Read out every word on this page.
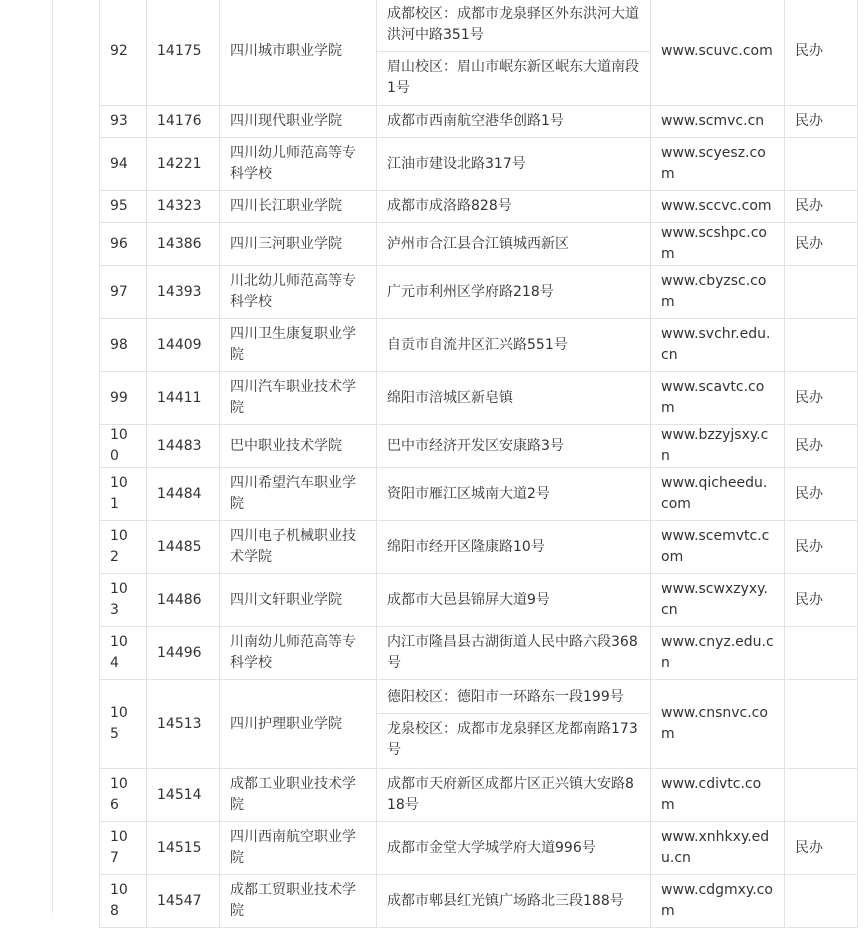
92	14175	四川城市职业学院	成都校区：成都市龙泉驿区外东洪河大道洪河中路351号
眉山校区：眉山市岷东新区岷东大道南段1号	www.scuvc.com	民办
93	14176	四川现代职业学院	成都市西南航空港华创路1号	www.scmvc.cn	民办
94	14221	四川幼儿师范高等专科学校	江油市建设北路317号	www.scyesz.com	
95	14323	四川长江职业学院	成都市成洛路828号	www.sccvc.com	民办
96	14386	四川三河职业学院	泸州市合江县合江镇城西新区	www.scshpc.com	民办
97	14393	川北幼儿师范高等专科学校	广元市利州区学府路218号	www.cbyzsc.com	
98	14409	四川卫生康复职业学院	自贡市自流井区汇兴路551号	www.svchr.edu.cn	
99	14411	四川汽车职业技术学院	绵阳市涪城区新皂镇	www.scavtc.com	民办
100	14483	巴中职业技术学院	巴中市经济开发区安康路3号	www.bzzyjsxy.cn	民办
101	14484	四川希望汽车职业学院	资阳市雁江区城南大道2号	www.qicheedu.com	民办
102	14485	四川电子机械职业技术学院	绵阳市经开区隆康路10号	www.scemvtc.com	民办
103	14486	四川文轩职业学院	成都市大邑县锦屏大道9号	www.scwxzyxy.cn	民办
104	14496	川南幼儿师范高等专科学校	内江市隆昌县古湖街道人民中路六段368号	www.cnyz.edu.cn	
105	14513	四川护理职业学院	德阳校区：德阳市一环路东一段199号
龙泉校区：成都市龙泉驿区龙都南路173号	www.cnsnvc.com	
106	14514	成都工业职业技术学院	成都市天府新区成都片区正兴镇大安路818号	www.cdivtc.com	
107	14515	四川西南航空职业学院	成都市金堂大学城学府大道996号	www.xnhkxy.edu.cn	民办
108	14547	成都工贸职业技术学院	成都市郫县红光镇广场路北三段188号	www.cdgmxy.com	
